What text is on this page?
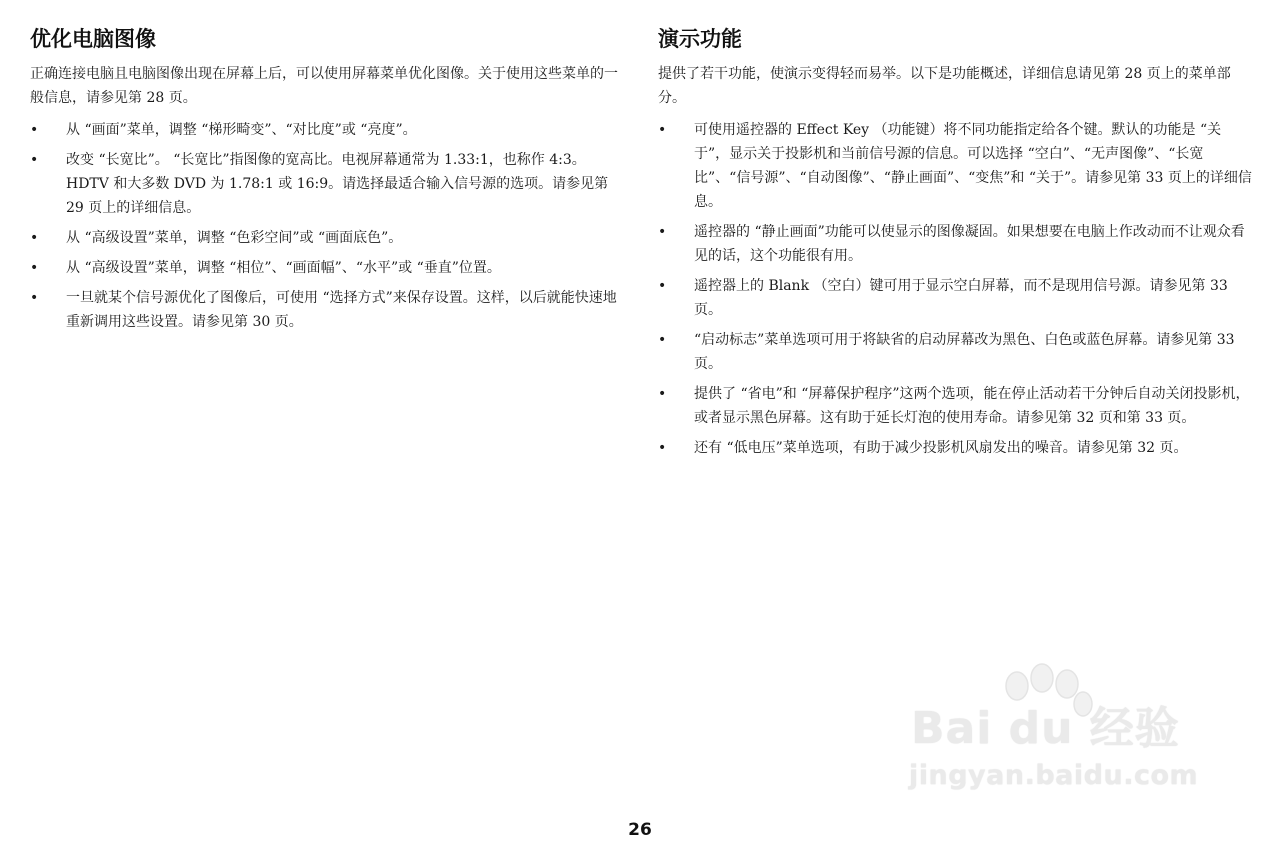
优化电脑图像

正确连接电脑且电脑图像出现在屏幕上后，可以使用屏幕菜单优化图像。关于使用这些菜单的一般信息，请参见第 28 页。

• 从 “画面”菜单，调整 “梯形畸变”、“对比度”或 “亮度”。
• 改变 “长宽比”。 “长宽比”指图像的宽高比。电视屏幕通常为 1.33:1，也称作 4:3。 HDTV 和大多数 DVD 为 1.78:1 或 16:9。请选择最适合输入信号源的选项。请参见第 29 页上的详细信息。
• 从 “高级设置”菜单，调整 “色彩空间”或 “画面底色”。
• 从 “高级设置”菜单，调整 “相位”、“画面幅”、“水平”或 “垂直”位置。
• 一旦就某个信号源优化了图像后，可使用 “选择方式”来保存设置。这样，以后就能快速地重新调用这些设置。请参见第 30 页。
演示功能

提供了若干功能，使演示变得轻而易举。以下是功能概述，详细信息请见第 28 页上的菜单部分。

• 可使用遥控器的 Effect Key （功能键）将不同功能指定给各个键。默认的功能是 “关于”，显示关于投影机和当前信号源的信息。可以选择 “空白”、“无声图像”、“长宽比”、“信号源”、“自动图像”、“静止画面”、“变焦”和 “关于”。请参见第 33 页上的详细信息。
• 遥控器的 “静止画面”功能可以使显示的图像凝固。如果想要在电脑上作改动而不让观众看见的话，这个功能很有用。
• 遥控器上的 Blank （空白）键可用于显示空白屏幕，而不是现用信号源。请参见第 33 页。
• “启动标志”菜单选项可用于将缺省的启动屏幕改为黑色、白色或蓝色屏幕。请参见第 33 页。
• 提供了 “省电”和 “屏幕保护程序”这两个选项，能在停止活动若干分钟后自动关闭投影机，或者显示黑色屏幕。这有助于延长灯泡的使用寿命。请参见第 32 页和第 33 页。
• 还有 “低电压”菜单选项，有助于减少投影机风扇发出的噪音。请参见第 32 页。
Bai du 经验
jingyan.baidu.com
26
